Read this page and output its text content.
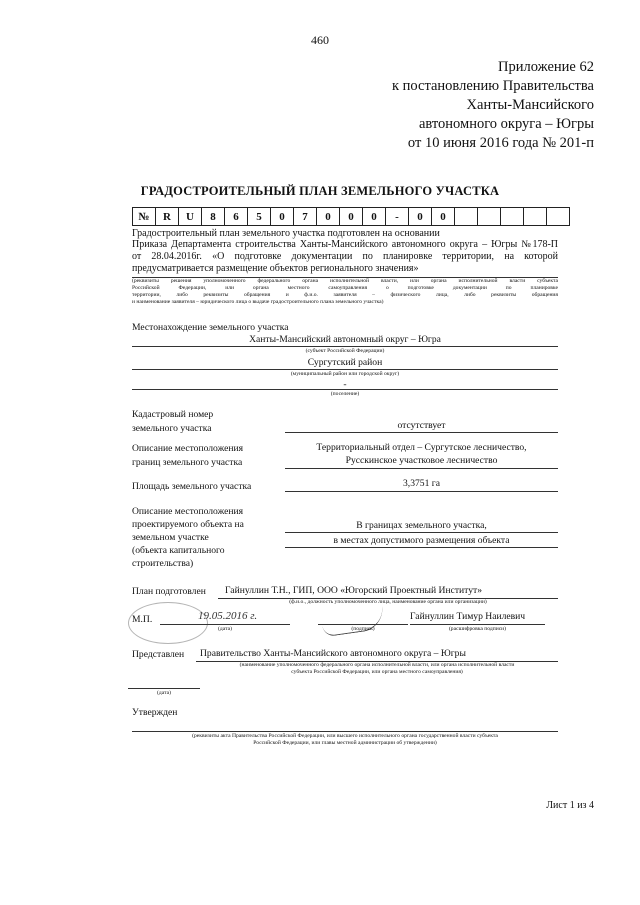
460
Приложение 62
к постановлению Правительства
Ханты-Мансийского
автономного округа – Югры
от 10 июня 2016 года № 201-п
ГРАДОСТРОИТЕЛЬНЫЙ ПЛАН ЗЕМЕЛЬНОГО УЧАСТКА
№	R	U	8	6	5	0	7	0	0	0	-	0	0					

Градостроительный план земельного участка подготовлен на основании

Приказа Департамента строительства Ханты-Мансийского автономного округа – Югры №178-П

от 28.04.2016г. «О подготовке документации по планировке территории, на которой

предусматривается размещение объектов регионального значения»

(реквизиты решения уполномоченного федерального органа исполнительной власти, или органа исполнительной власти субъекта
Российской Федерации, или органа местного самоуправления о подготовке документации по планировке
территории, либо реквизиты обращения и ф.и.о. заявителя – физического лица, либо реквизиты обращения
и наименование заявителя – юридического лица о выдаче градостроительного плана земельного участка)
Местонахождение земельного участка
Ханты-Мансийский автономный округ – Югра
(субъект Российской Федерации)
Сургутский район
(муниципальный район или городской округ)
-
(поселение)
Кадастровый номер
земельного участка	отсутствует
Описание местоположения
границ земельного участка
Территориальный отдел – Сургутское лесничество,
Русскинское участковое лесничество
Площадь земельного участка	3,3751 га
Описание местоположения
проектируемого объекта на
земельном участке
(объекта капитального
строительства)
В границах земельного участка,
в местах допустимого размещения объекта
План подготовлен Гайнуллин Т.Н., ГИП, ООО «Югорский Проектный Институт»
(ф.и.о., должность уполномоченного лица, наименование органа или организации)
М.П.	19.05.2016 г.
(дата)	(подпись)
Гайнуллин Тимур Наилевич
(расшифровка подписи)
Представлен Правительство Ханты-Мансийского автономного округа – Югры
(наименование уполномоченного федерального органа исполнительной власти, или органа исполнительной власти
субъекта Российской Федерации, или органа местного самоуправления)
(дата)
Утвержден
(реквизиты акта Правительства Российской Федерации, или высшего исполнительного органа государственной власти субъекта
Российской Федерации, или главы местной администрации об утверждении)
Лист 1 из 4
